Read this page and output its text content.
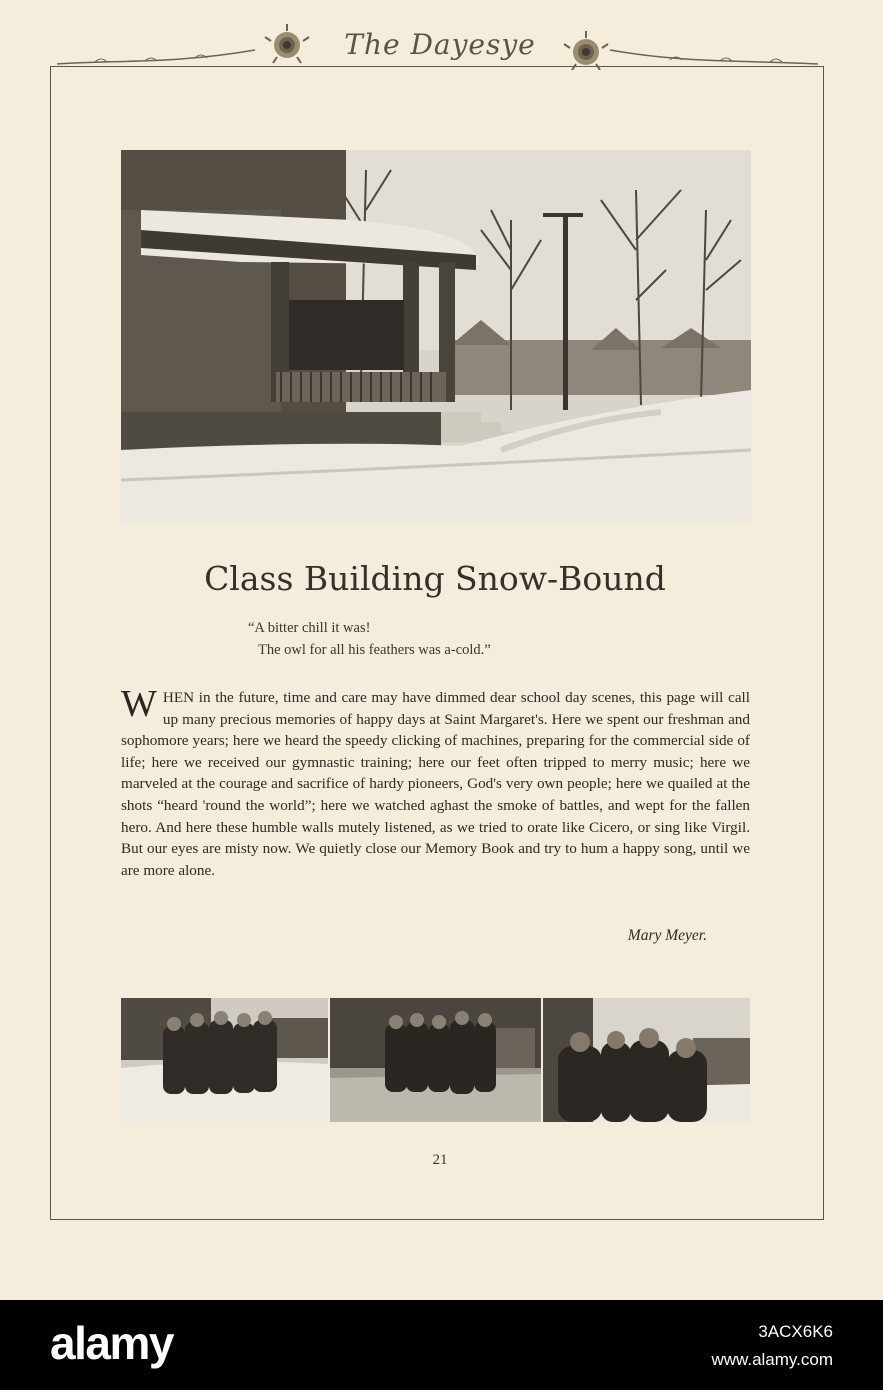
The Dayesye
Class Building Snow-Bound
“A bitter chill it was!
The owl for all his feathers was a-cold.”
WHEN in the future, time and care may have dimmed dear school day scenes, this page will call up many precious memories of happy days at Saint Margaret's. Here we spent our freshman and sophomore years; here we heard the speedy clicking of machines, preparing for the commercial side of life; here we received our gymnastic training; here our feet often tripped to merry music; here we marveled at the courage and sacrifice of hardy pioneers, God's very own people; here we quailed at the shots “heard 'round the world”; here we watched aghast the smoke of battles, and wept for the fallen hero. And here these humble walls mutely listened, as we tried to orate like Cicero, or sing like Virgil. But our eyes are misty now. We quietly close our Memory Book and try to hum a happy song, until we are more alone.
Mary Meyer.
21
alamy	3ACX6K6
www.alamy.com
